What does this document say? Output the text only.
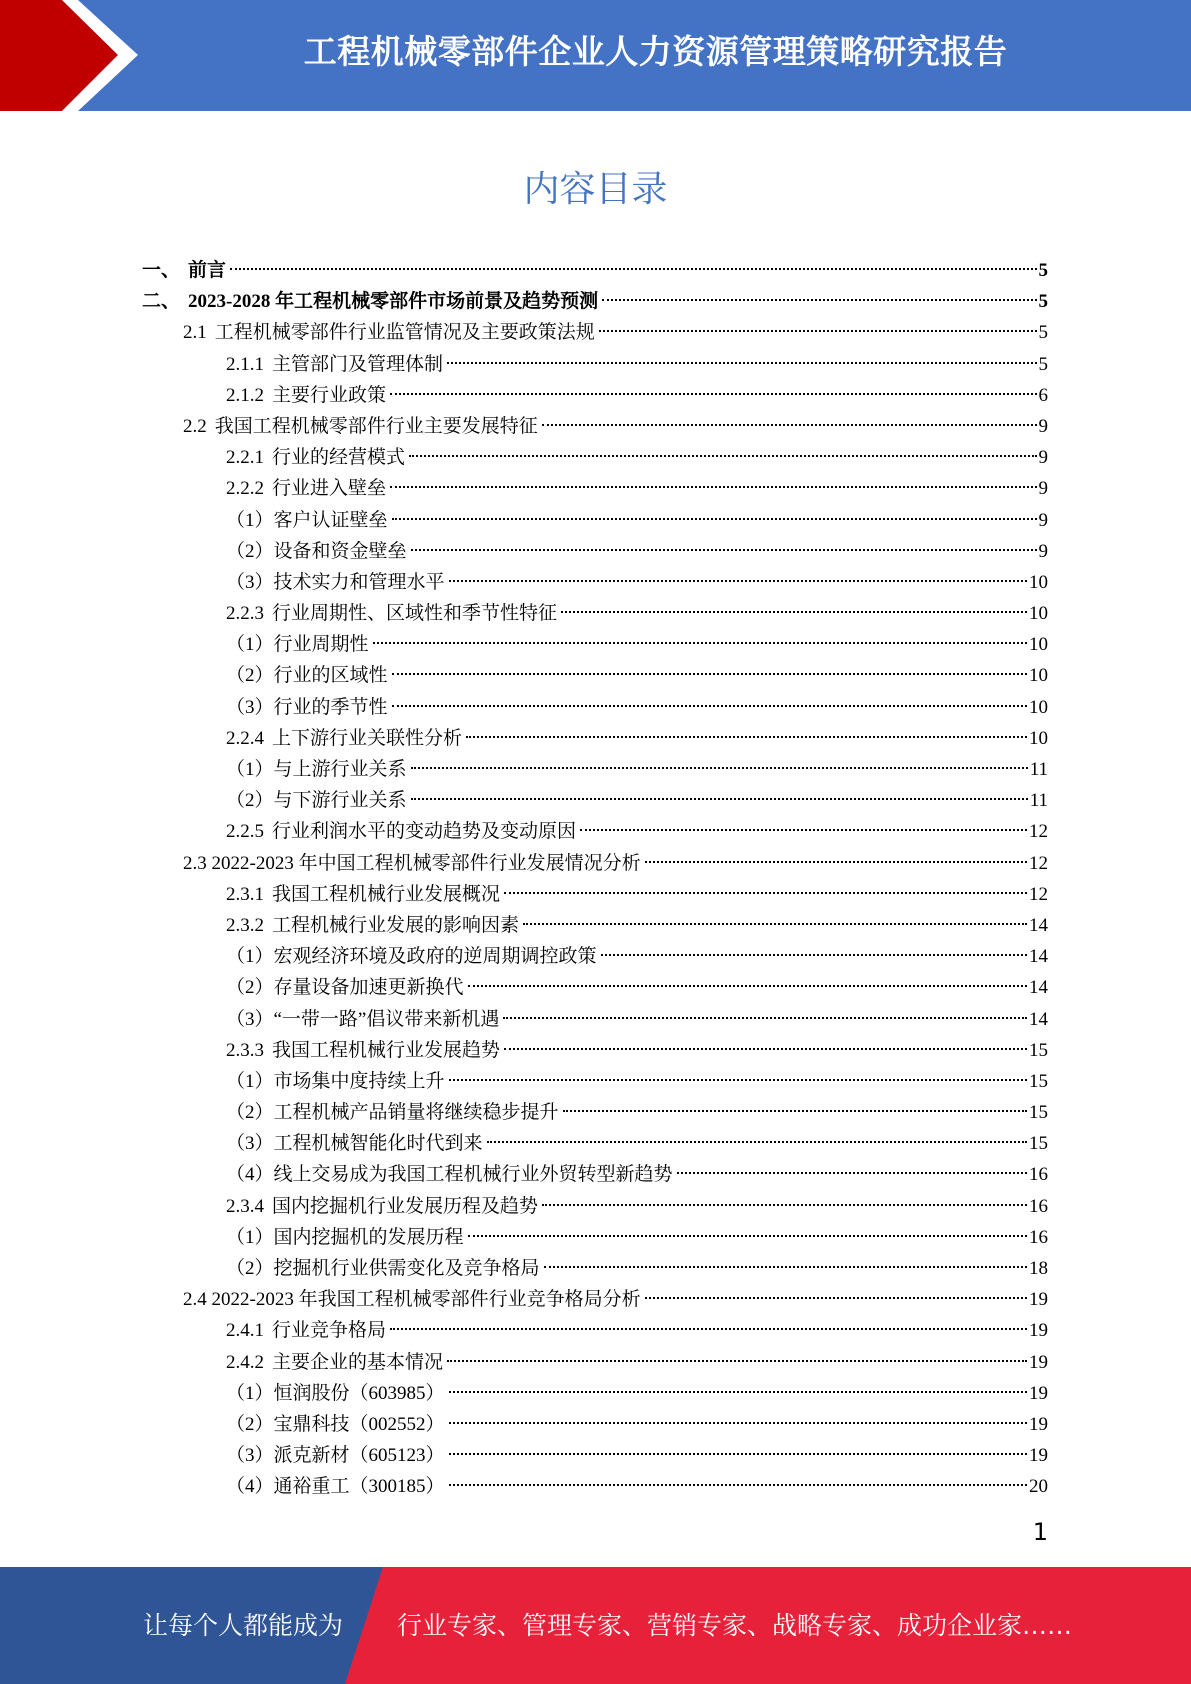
工程机械零部件企业人力资源管理策略研究报告
内容目录
一、 前言	5
二、 2023-2028 年工程机械零部件市场前景及趋势预测	5
2.1 工程机械零部件行业监管情况及主要政策法规	5
2.1.1 主管部门及管理体制	5
2.1.2 主要行业政策	6
2.2 我国工程机械零部件行业主要发展特征	9
2.2.1 行业的经营模式	9
2.2.2 行业进入壁垒	9
（1）客户认证壁垒	9
（2）设备和资金壁垒	9
（3）技术实力和管理水平	10
2.2.3 行业周期性、区域性和季节性特征	10
（1）行业周期性	10
（2）行业的区域性	10
（3）行业的季节性	10
2.2.4 上下游行业关联性分析	10
（1）与上游行业关系	11
（2）与下游行业关系	11
2.2.5 行业利润水平的变动趋势及变动原因	12
2.3 2022-2023 年中国工程机械零部件行业发展情况分析	12
2.3.1 我国工程机械行业发展概况	12
2.3.2 工程机械行业发展的影响因素	14
（1）宏观经济环境及政府的逆周期调控政策	14
（2）存量设备加速更新换代	14
（3）“一带一路”倡议带来新机遇	14
2.3.3 我国工程机械行业发展趋势	15
（1）市场集中度持续上升	15
（2）工程机械产品销量将继续稳步提升	15
（3）工程机械智能化时代到来	15
（4）线上交易成为我国工程机械行业外贸转型新趋势	16
2.3.4 国内挖掘机行业发展历程及趋势	16
（1）国内挖掘机的发展历程	16
（2）挖掘机行业供需变化及竞争格局	18
2.4 2022-2023 年我国工程机械零部件行业竞争格局分析	19
2.4.1 行业竞争格局	19
2.4.2 主要企业的基本情况	19
（1）恒润股份（603985）	19
（2）宝鼎科技（002552）	19
（3）派克新材（605123）	19
（4）通裕重工（300185）	20
1
让每个人都能成为 行业专家、管理专家、营销专家、战略专家、成功企业家……
